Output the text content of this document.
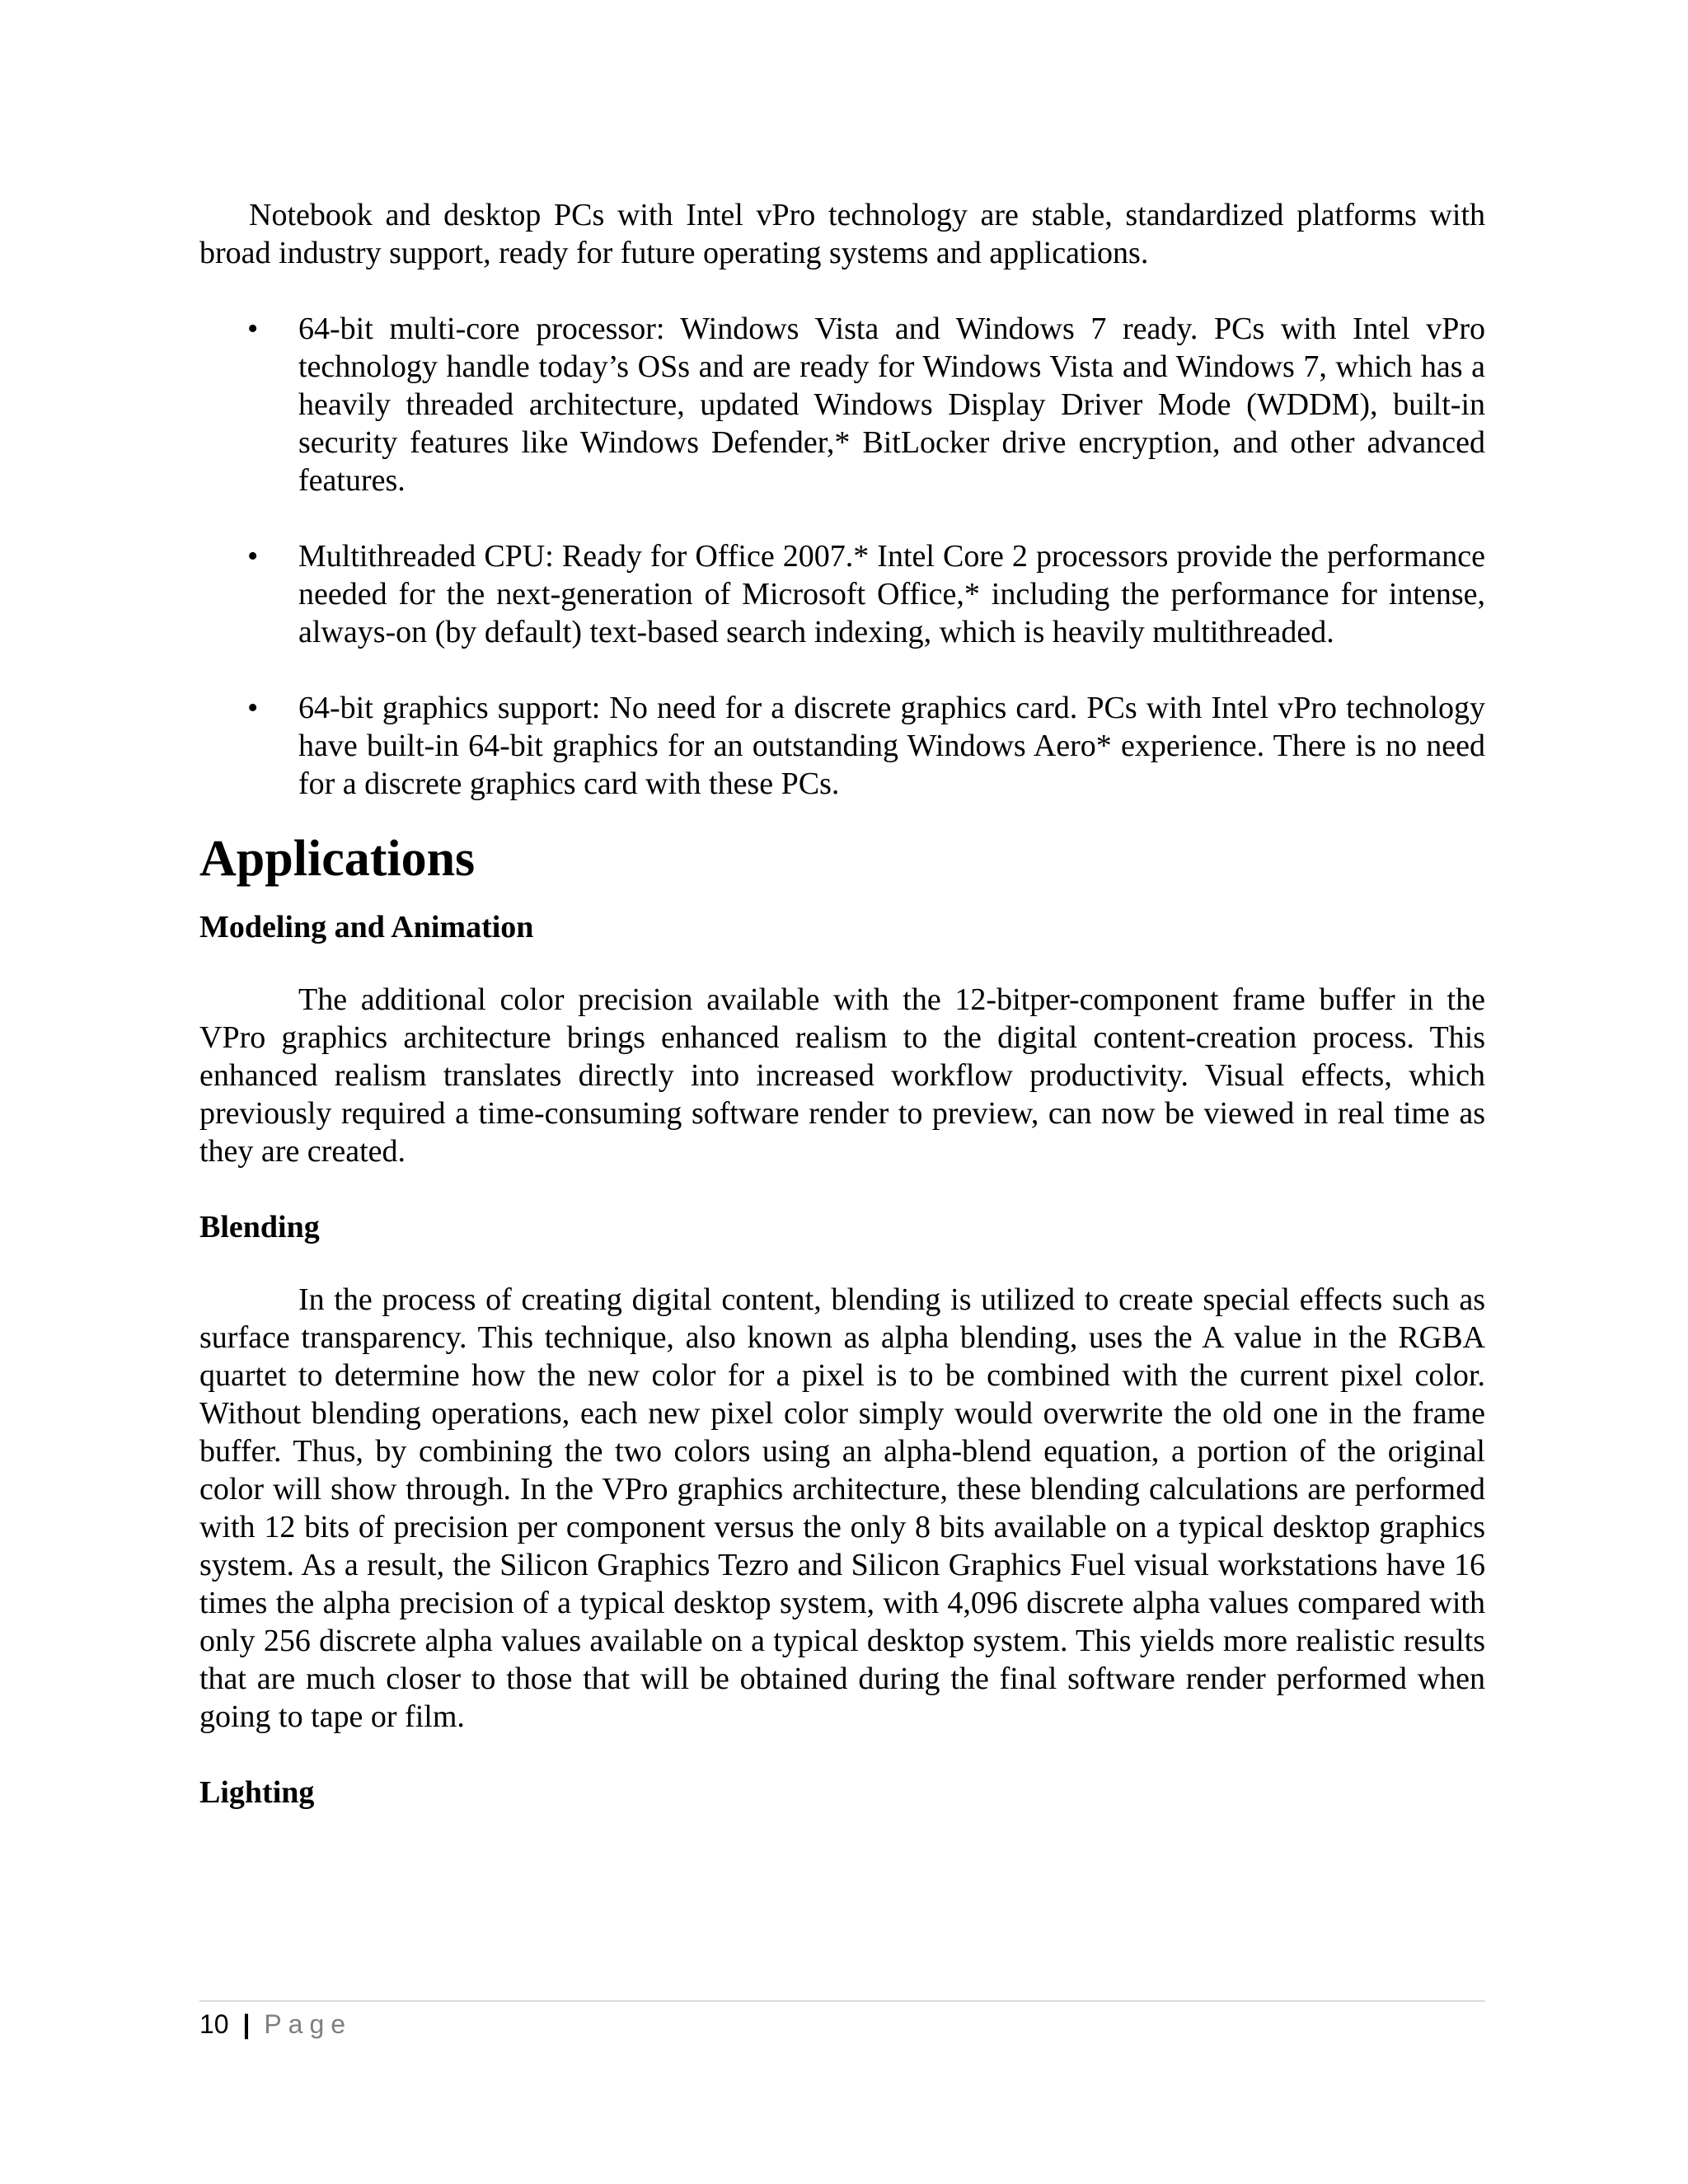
Notebook and desktop PCs with Intel vPro technology are stable, standardized platforms with broad industry support, ready for future operating systems and applications.

• 64-bit multi-core processor: Windows Vista and Windows 7 ready. PCs with Intel vPro technology handle today’s OSs and are ready for Windows Vista and Windows 7, which has a heavily threaded architecture, updated Windows Display Driver Mode (WDDM), built-in security features like Windows Defender,* BitLocker drive encryption, and other advanced features.

• Multithreaded CPU: Ready for Office 2007.* Intel Core 2 processors provide the performance needed for the next-generation of Microsoft Office,* including the performance for intense, always-on (by default) text-based search indexing, which is heavily multithreaded.

• 64-bit graphics support: No need for a discrete graphics card. PCs with Intel vPro technology have built-in 64-bit graphics for an outstanding Windows Aero* experience. There is no need for a discrete graphics card with these PCs.

Applications
Modeling and Animation

The additional color precision available with the 12-bitper-component frame buffer in the VPro graphics architecture brings enhanced realism to the digital content-creation process. This enhanced realism translates directly into increased workflow productivity. Visual effects, which previously required a time-consuming software render to preview, can now be viewed in real time as they are created.

Blending

In the process of creating digital content, blending is utilized to create special effects such as surface transparency. This technique, also known as alpha blending, uses the A value in the RGBA quartet to determine how the new color for a pixel is to be combined with the current pixel color. Without blending operations, each new pixel color simply would overwrite the old one in the frame buffer. Thus, by combining the two colors using an alpha-blend equation, a portion of the original color will show through. In the VPro graphics architecture, these blending calculations are performed with 12 bits of precision per component versus the only 8 bits available on a typical desktop graphics system. As a result, the Silicon Graphics Tezro and Silicon Graphics Fuel visual workstations have 16 times the alpha precision of a typical desktop system, with 4,096 discrete alpha values compared with only 256 discrete alpha values available on a typical desktop system. This yields more realistic results that are much closer to those that will be obtained during the final software render performed when going to tape or film.

Lighting
10 | Page
